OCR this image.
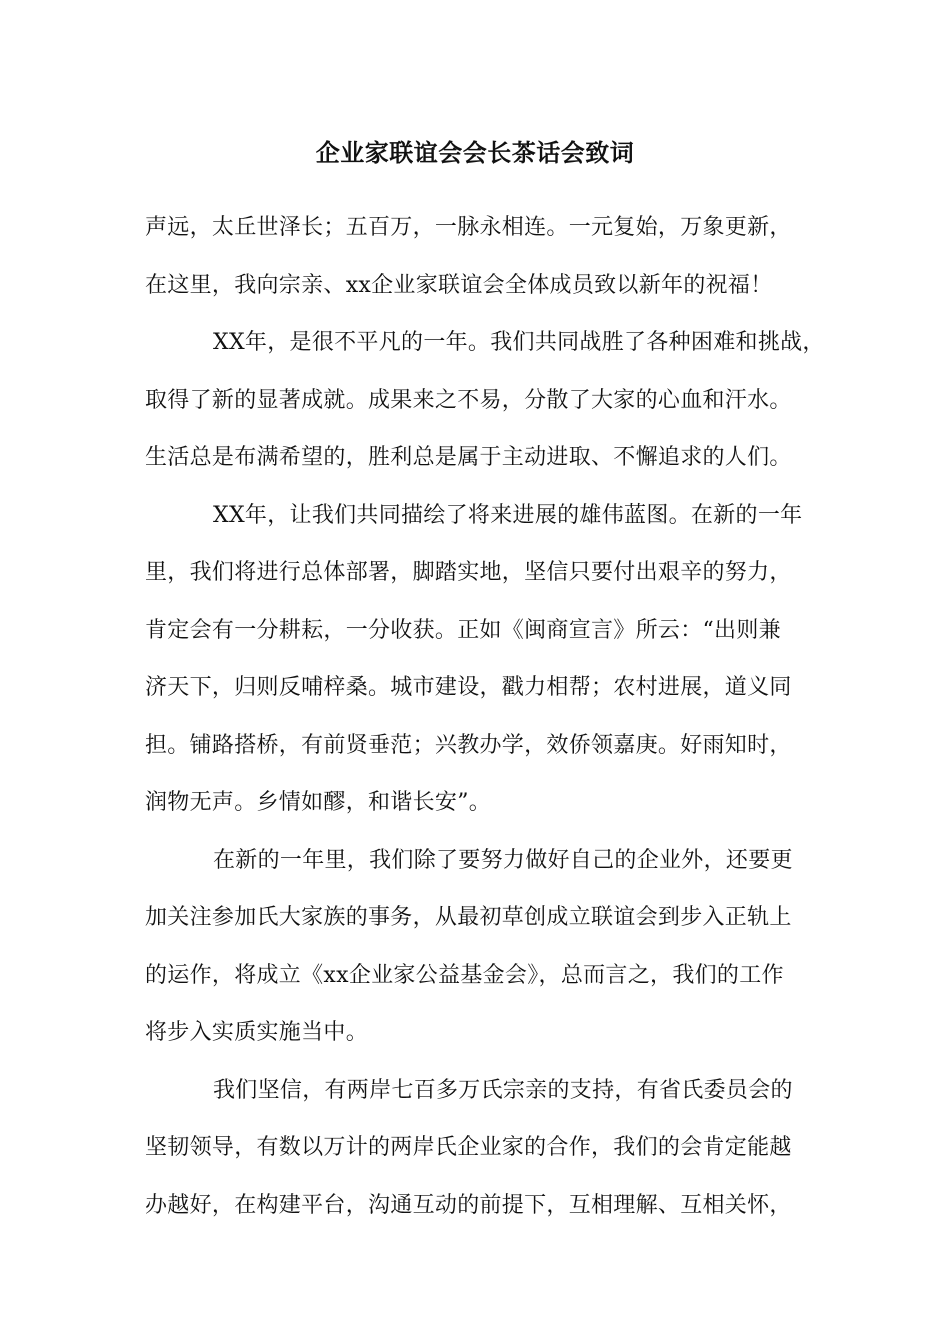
企业家联谊会会长茶话会致词
声远，太丘世泽长；五百万，一脉永相连。一元复始，万象更新，
在这里，我向宗亲、xx企业家联谊会全体成员致以新年的祝福！
XX年，是很不平凡的一年。我们共同战胜了各种困难和挑战，
取得了新的显著成就。成果来之不易，分散了大家的心血和汗水。
生活总是布满希望的，胜利总是属于主动进取、不懈追求的人们。
XX年，让我们共同描绘了将来进展的雄伟蓝图。在新的一年
里，我们将进行总体部署，脚踏实地，坚信只要付出艰辛的努力，
肯定会有一分耕耘，一分收获。正如《闽商宣言》所云：“出则兼
济天下，归则反哺梓桑。城市建设，戳力相帮；农村进展，道义同
担。铺路搭桥，有前贤垂范；兴教办学，效侨领嘉庚。好雨知时，
润物无声。乡情如醪，和谐长安”。
在新的一年里，我们除了要努力做好自己的企业外，还要更
加关注参加氏大家族的事务，从最初草创成立联谊会到步入正轨上
的运作，将成立《xx企业家公益基金会》，总而言之，我们的工作
将步入实质实施当中。
我们坚信，有两岸七百多万氏宗亲的支持，有省氏委员会的
坚韧领导，有数以万计的两岸氏企业家的合作，我们的会肯定能越
办越好，在构建平台，沟通互动的前提下，互相理解、互相关怀，
